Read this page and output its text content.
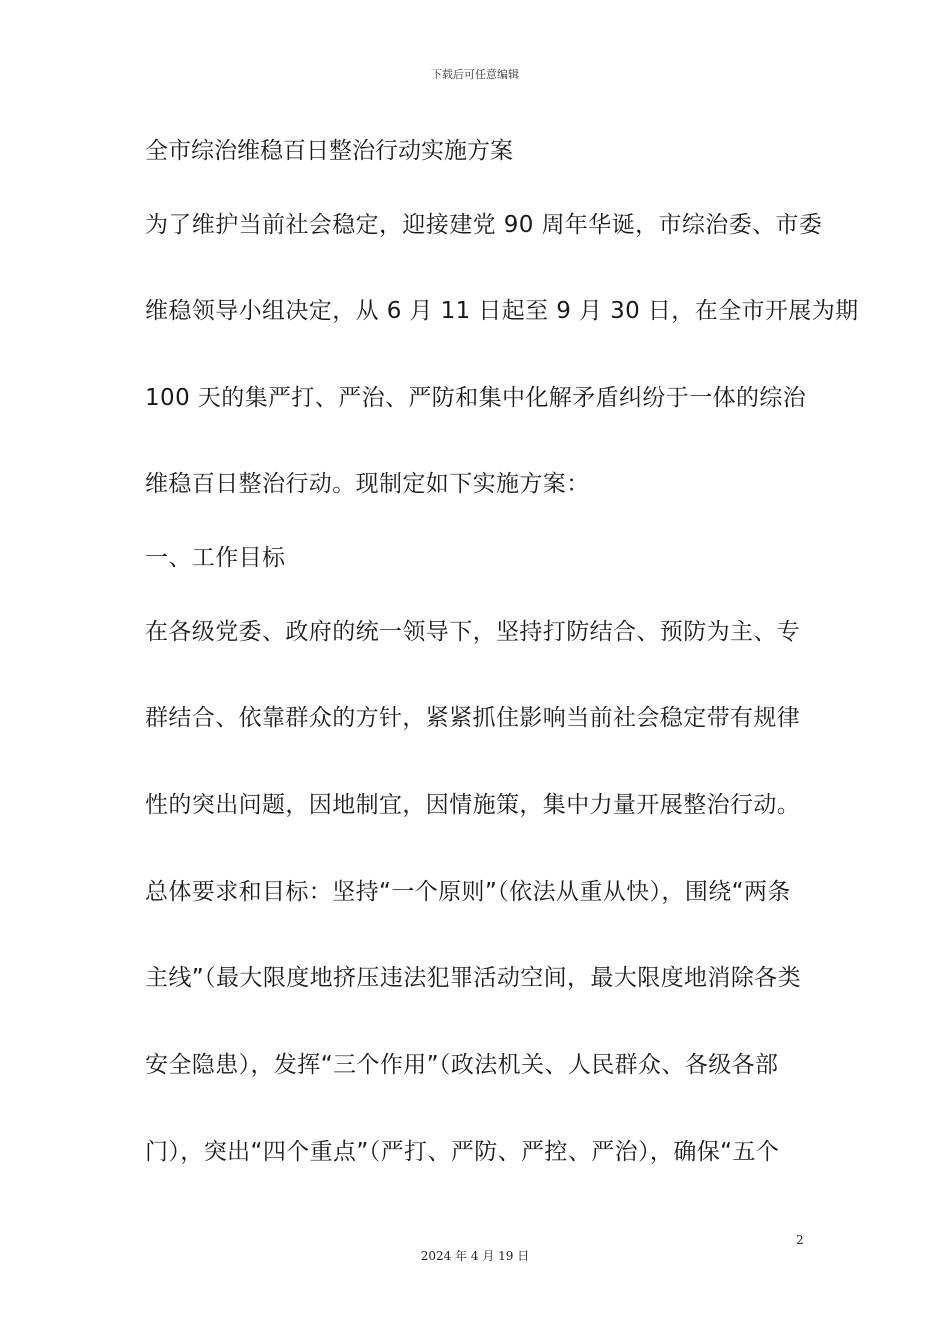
下载后可任意编辑
全市综治维稳百日整治行动实施方案
为了维护当前社会稳定，迎接建党 90 周年华诞，市综治委、市委
维稳领导小组决定，从 6 月 11 日起至 9 月 30 日，在全市开展为期
100 天的集严打、严治、严防和集中化解矛盾纠纷于一体的综治
维稳百日整治行动。现制定如下实施方案：
一、工作目标
在各级党委、政府的统一领导下，坚持打防结合、预防为主、专
群结合、依靠群众的方针，紧紧抓住影响当前社会稳定带有规律
性的突出问题，因地制宜，因情施策，集中力量开展整治行动。
总体要求和目标：坚持“一个原则”（依法从重从快），围绕“两条
主线”（最大限度地挤压违法犯罪活动空间，最大限度地消除各类
安全隐患），发挥“三个作用”（政法机关、人民群众、各级各部
门），突出“四个重点”（严打、严防、严控、严治），确保“五个
2
2024 年 4 月 19 日
